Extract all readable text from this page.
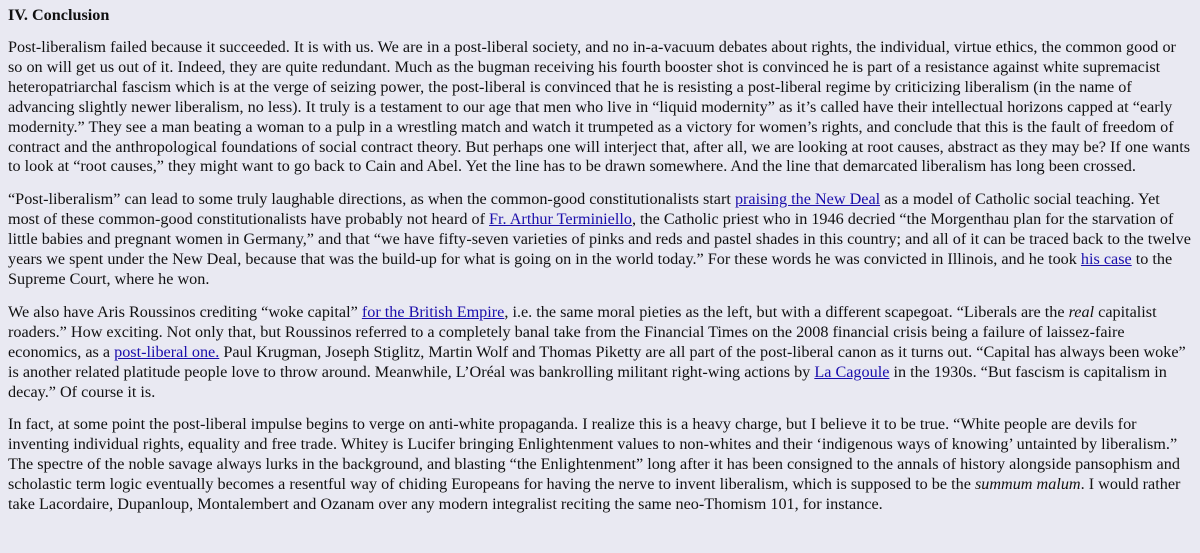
IV. Conclusion

Post-liberalism failed because it succeeded. It is with us. We are in a post-liberal society, and no in-a-vacuum debates about rights, the individual, virtue ethics, the common good or so on will get us out of it. Indeed, they are quite redundant. Much as the bugman receiving his fourth booster shot is convinced he is part of a resistance against white supremacist heteropatriarchal fascism which is at the verge of seizing power, the post-liberal is convinced that he is resisting a post-liberal regime by criticizing liberalism (in the name of advancing slightly newer liberalism, no less). It truly is a testament to our age that men who live in “liquid modernity” as it’s called have their intellectual horizons capped at “early modernity.” They see a man beating a woman to a pulp in a wrestling match and watch it trumpeted as a victory for women’s rights, and conclude that this is the fault of freedom of contract and the anthropological foundations of social contract theory. But perhaps one will interject that, after all, we are looking at root causes, abstract as they may be? If one wants to look at “root causes,” they might want to go back to Cain and Abel. Yet the line has to be drawn somewhere. And the line that demarcated liberalism has long been crossed.

“Post-liberalism” can lead to some truly laughable directions, as when the common-good constitutionalists start praising the New Deal as a model of Catholic social teaching. Yet most of these common-good constitutionalists have probably not heard of Fr. Arthur Terminiello, the Catholic priest who in 1946 decried “the Morgenthau plan for the starvation of little babies and pregnant women in Germany,” and that “we have fifty-seven varieties of pinks and reds and pastel shades in this country; and all of it can be traced back to the twelve years we spent under the New Deal, because that was the build-up for what is going on in the world today.” For these words he was convicted in Illinois, and he took his case to the Supreme Court, where he won.

We also have Aris Roussinos crediting “woke capital” for the British Empire, i.e. the same moral pieties as the left, but with a different scapegoat. “Liberals are the real capitalist roaders.” How exciting. Not only that, but Roussinos referred to a completely banal take from the Financial Times on the 2008 financial crisis being a failure of laissez-faire economics, as a post-liberal one. Paul Krugman, Joseph Stiglitz, Martin Wolf and Thomas Piketty are all part of the post-liberal canon as it turns out. “Capital has always been woke” is another related platitude people love to throw around. Meanwhile, L’Oréal was bankrolling militant right-wing actions by La Cagoule in the 1930s. “But fascism is capitalism in decay.” Of course it is.

In fact, at some point the post-liberal impulse begins to verge on anti-white propaganda. I realize this is a heavy charge, but I believe it to be true. “White people are devils for inventing individual rights, equality and free trade. Whitey is Lucifer bringing Enlightenment values to non-whites and their ‘indigenous ways of knowing’ untainted by liberalism.” The spectre of the noble savage always lurks in the background, and blasting “the Enlightenment” long after it has been consigned to the annals of history alongside pansophism and scholastic term logic eventually becomes a resentful way of chiding Europeans for having the nerve to invent liberalism, which is supposed to be the summum malum. I would rather take Lacordaire, Dupanloup, Montalembert and Ozanam over any modern integralist reciting the same neo-Thomism 101, for instance.
